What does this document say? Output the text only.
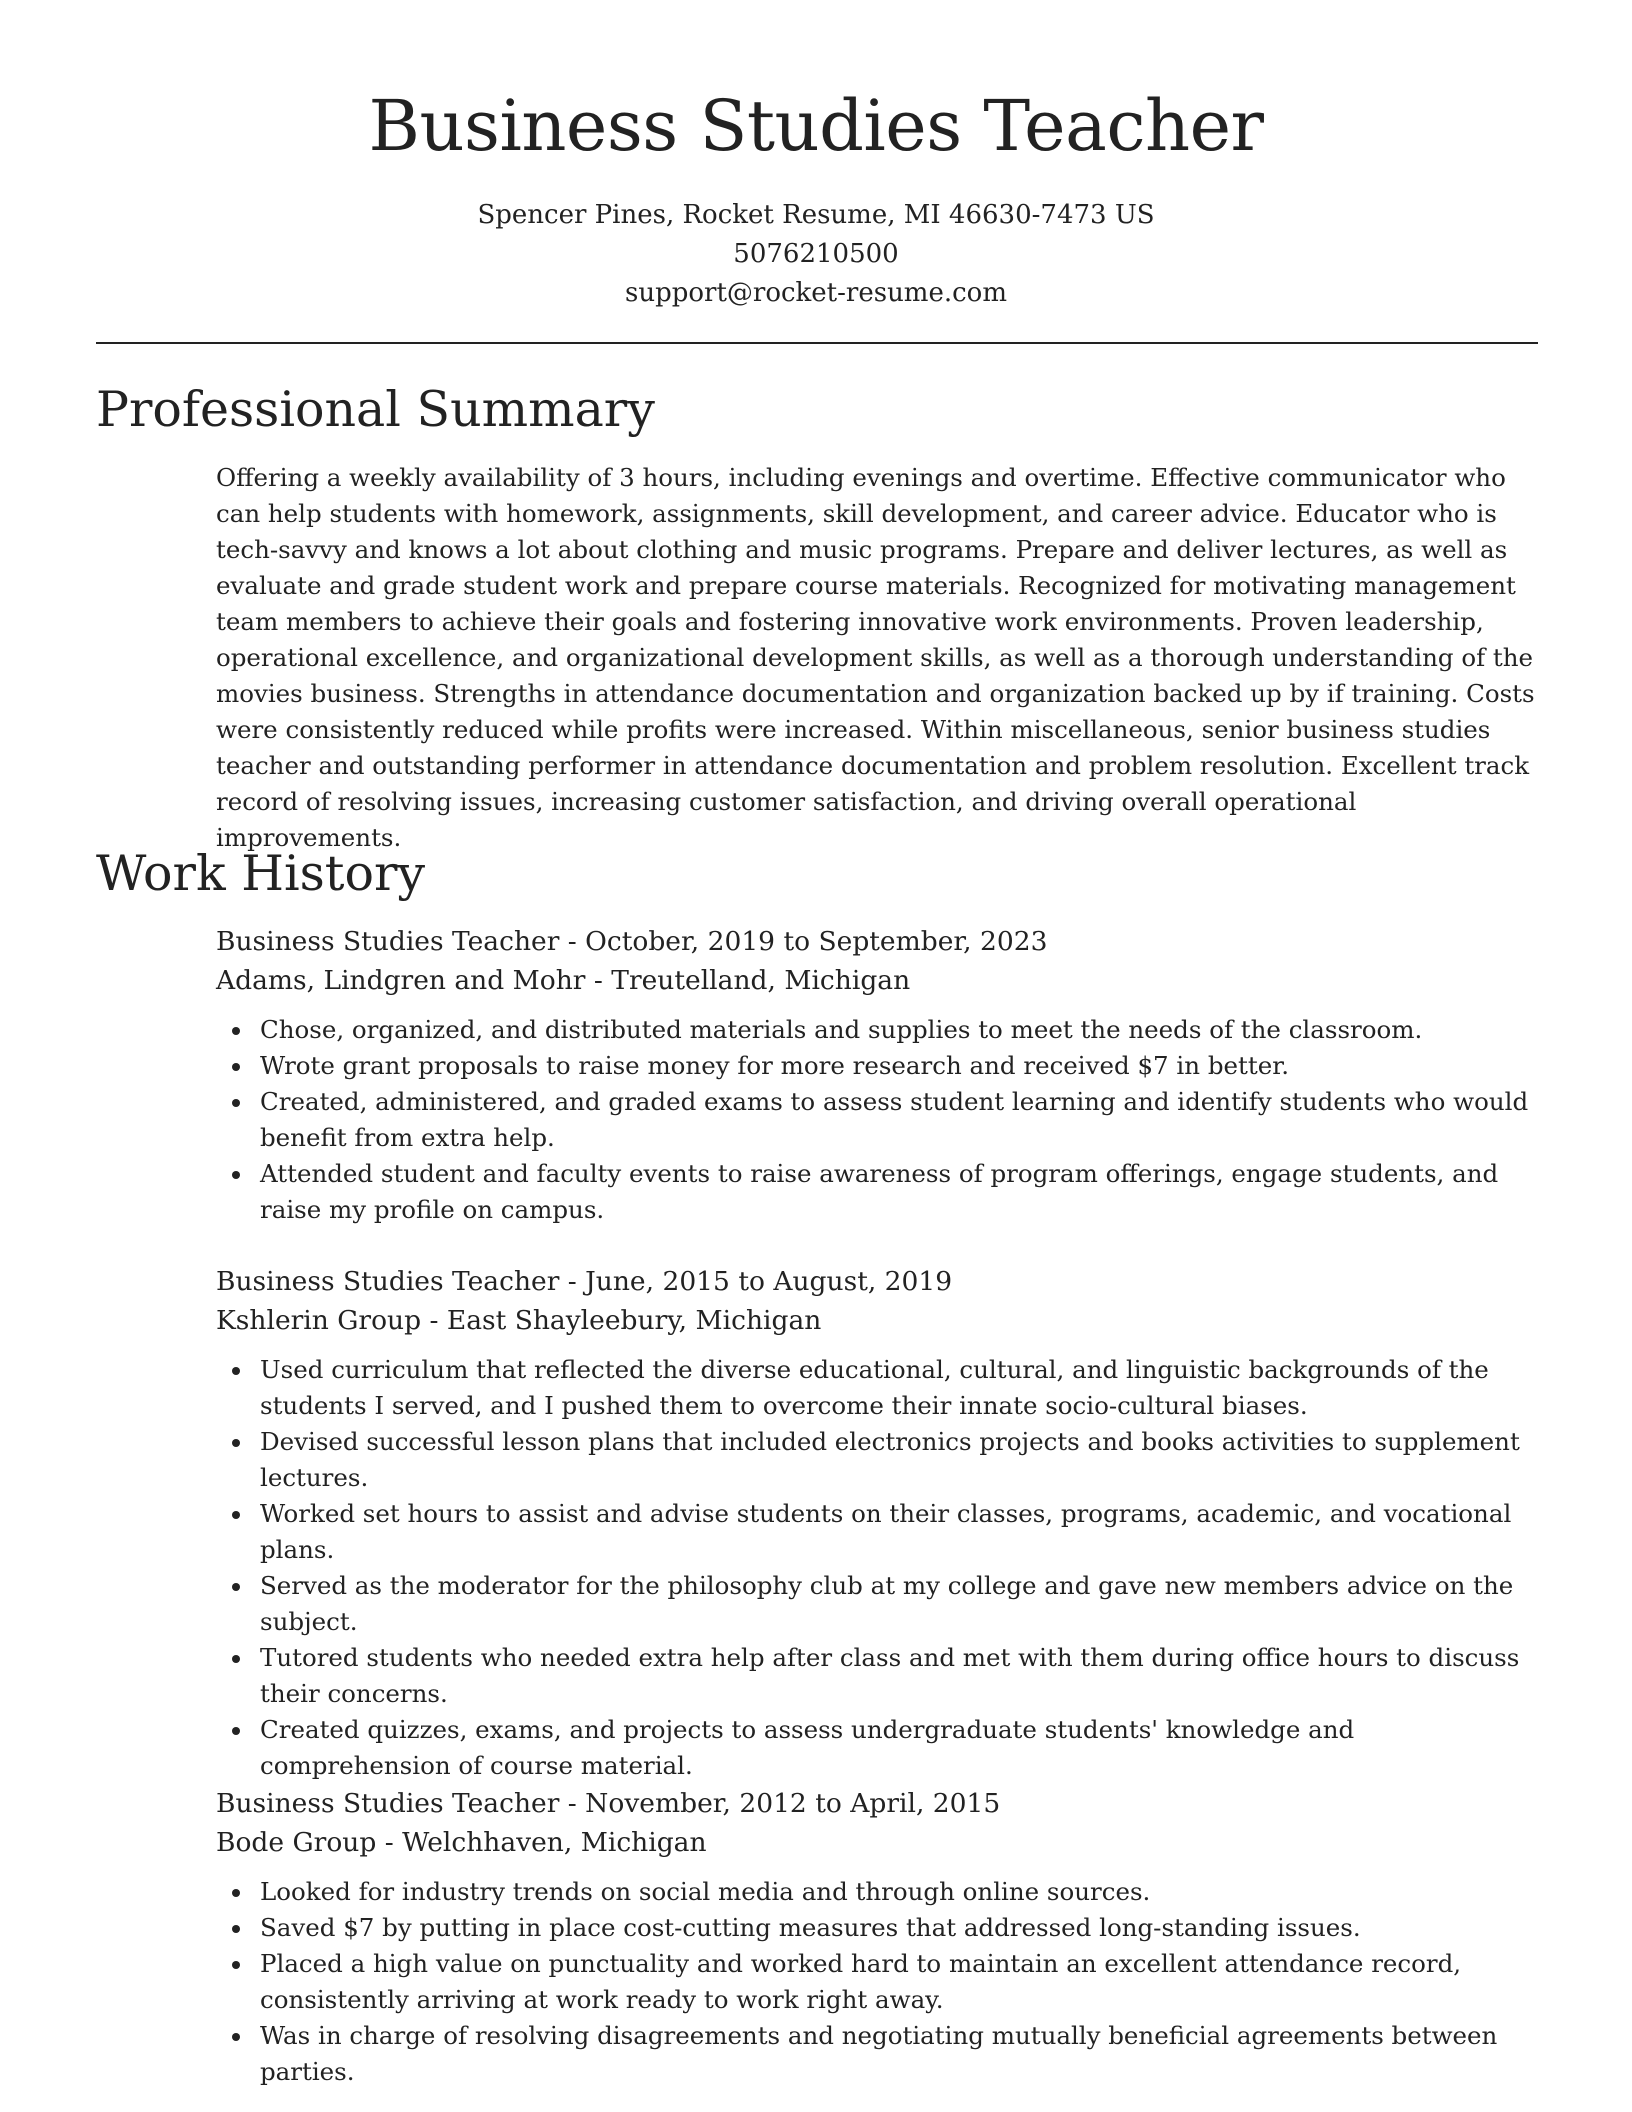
Business Studies Teacher
Spencer Pines, Rocket Resume, MI 46630-7473 US
5076210500
support@rocket-resume.com
Professional Summary

Offering a weekly availability of 3 hours, including evenings and overtime. Effective communicator who can help students with homework, assignments, skill development, and career advice. Educator who is tech-savvy and knows a lot about clothing and music programs. Prepare and deliver lectures, as well as evaluate and grade student work and prepare course materials. Recognized for motivating management team members to achieve their goals and fostering innovative work environments. Proven leadership, operational excellence, and organizational development skills, as well as a thorough understanding of the movies business. Strengths in attendance documentation and organization backed up by if training. Costs were consistently reduced while profits were increased. Within miscellaneous, senior business studies teacher and outstanding performer in attendance documentation and problem resolution. Excellent track record of resolving issues, increasing customer satisfaction, and driving overall operational improvements.

Work History
Business Studies Teacher - October, 2019 to September, 2023
Adams, Lindgren and Mohr - Treutelland, Michigan
Chose, organized, and distributed materials and supplies to meet the needs of the classroom.
Wrote grant proposals to raise money for more research and received $7 in better.
Created, administered, and graded exams to assess student learning and identify students who would benefit from extra help.
Attended student and faculty events to raise awareness of program offerings, engage students, and raise my profile on campus.
Business Studies Teacher - June, 2015 to August, 2019
Kshlerin Group - East Shayleebury, Michigan
Used curriculum that reflected the diverse educational, cultural, and linguistic backgrounds of the students I served, and I pushed them to overcome their innate socio-cultural biases.
Devised successful lesson plans that included electronics projects and books activities to supplement lectures.
Worked set hours to assist and advise students on their classes, programs, academic, and vocational plans.
Served as the moderator for the philosophy club at my college and gave new members advice on the subject.
Tutored students who needed extra help after class and met with them during office hours to discuss their concerns.
Created quizzes, exams, and projects to assess undergraduate students' knowledge and comprehension of course material.
Business Studies Teacher - November, 2012 to April, 2015
Bode Group - Welchhaven, Michigan
Looked for industry trends on social media and through online sources.
Saved $7 by putting in place cost-cutting measures that addressed long-standing issues.
Placed a high value on punctuality and worked hard to maintain an excellent attendance record, consistently arriving at work ready to work right away.
Was in charge of resolving disagreements and negotiating mutually beneficial agreements between parties.
